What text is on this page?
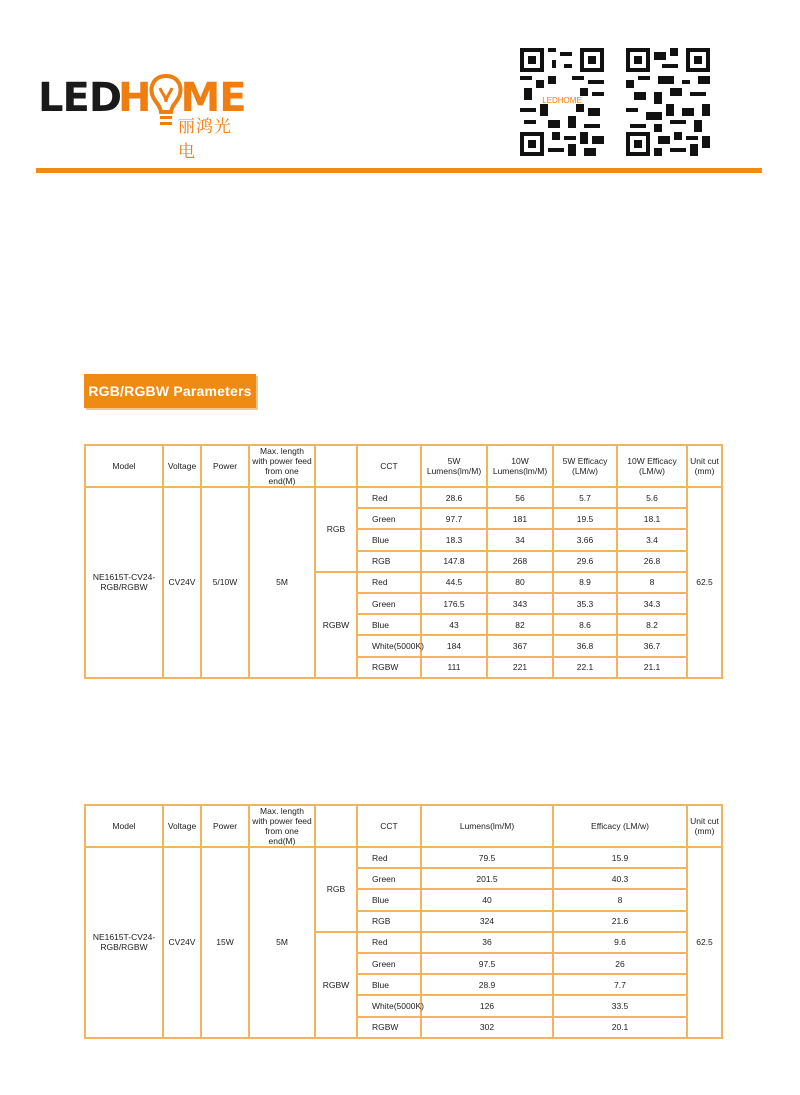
LED
H​ ME
丽鸿光电
LEDHOME
RGB/RGBW Parameters
Model	Voltage	Power	Max. length with power feed from one end(M)		CCT	5W Lumens(lm/M)	10W Lumens(lm/M)	5W Efficacy (LM/w)	10W Efficacy (LM/w)	Unit cut (mm)
NE1615T-CV24-RGB/RGBW	CV24V	5/10W	5M	RGB	Red	28.6	56	5.7	5.6	62.5
					Green	97.7	181	19.5	18.1	
					Blue	18.3	34	3.66	3.4	
					RGB	147.8	268	29.6	26.8	
				RGBW	Red	44.5	80	8.9	8	
					Green	176.5	343	35.3	34.3	
					Blue	43	82	8.6	8.2	
					White(5000K)	184	367	36.8	36.7	
					RGBW	111	221	22.1	21.1	
Model	Voltage	Power	Max. length with power feed from one end(M)		CCT	Lumens(lm/M)	Efficacy (LM/w)	Unit cut (mm)
NE1615T-CV24-RGB/RGBW	CV24V	15W	5M	RGB	Red	79.5	15.9	62.5
					Green	201.5	40.3	
					Blue	40	8	
					RGB	324	21.6	
				RGBW	Red	36	9.6	
					Green	97.5	26	
					Blue	28.9	7.7	
					White(5000K)	126	33.5	
					RGBW	302	20.1	
